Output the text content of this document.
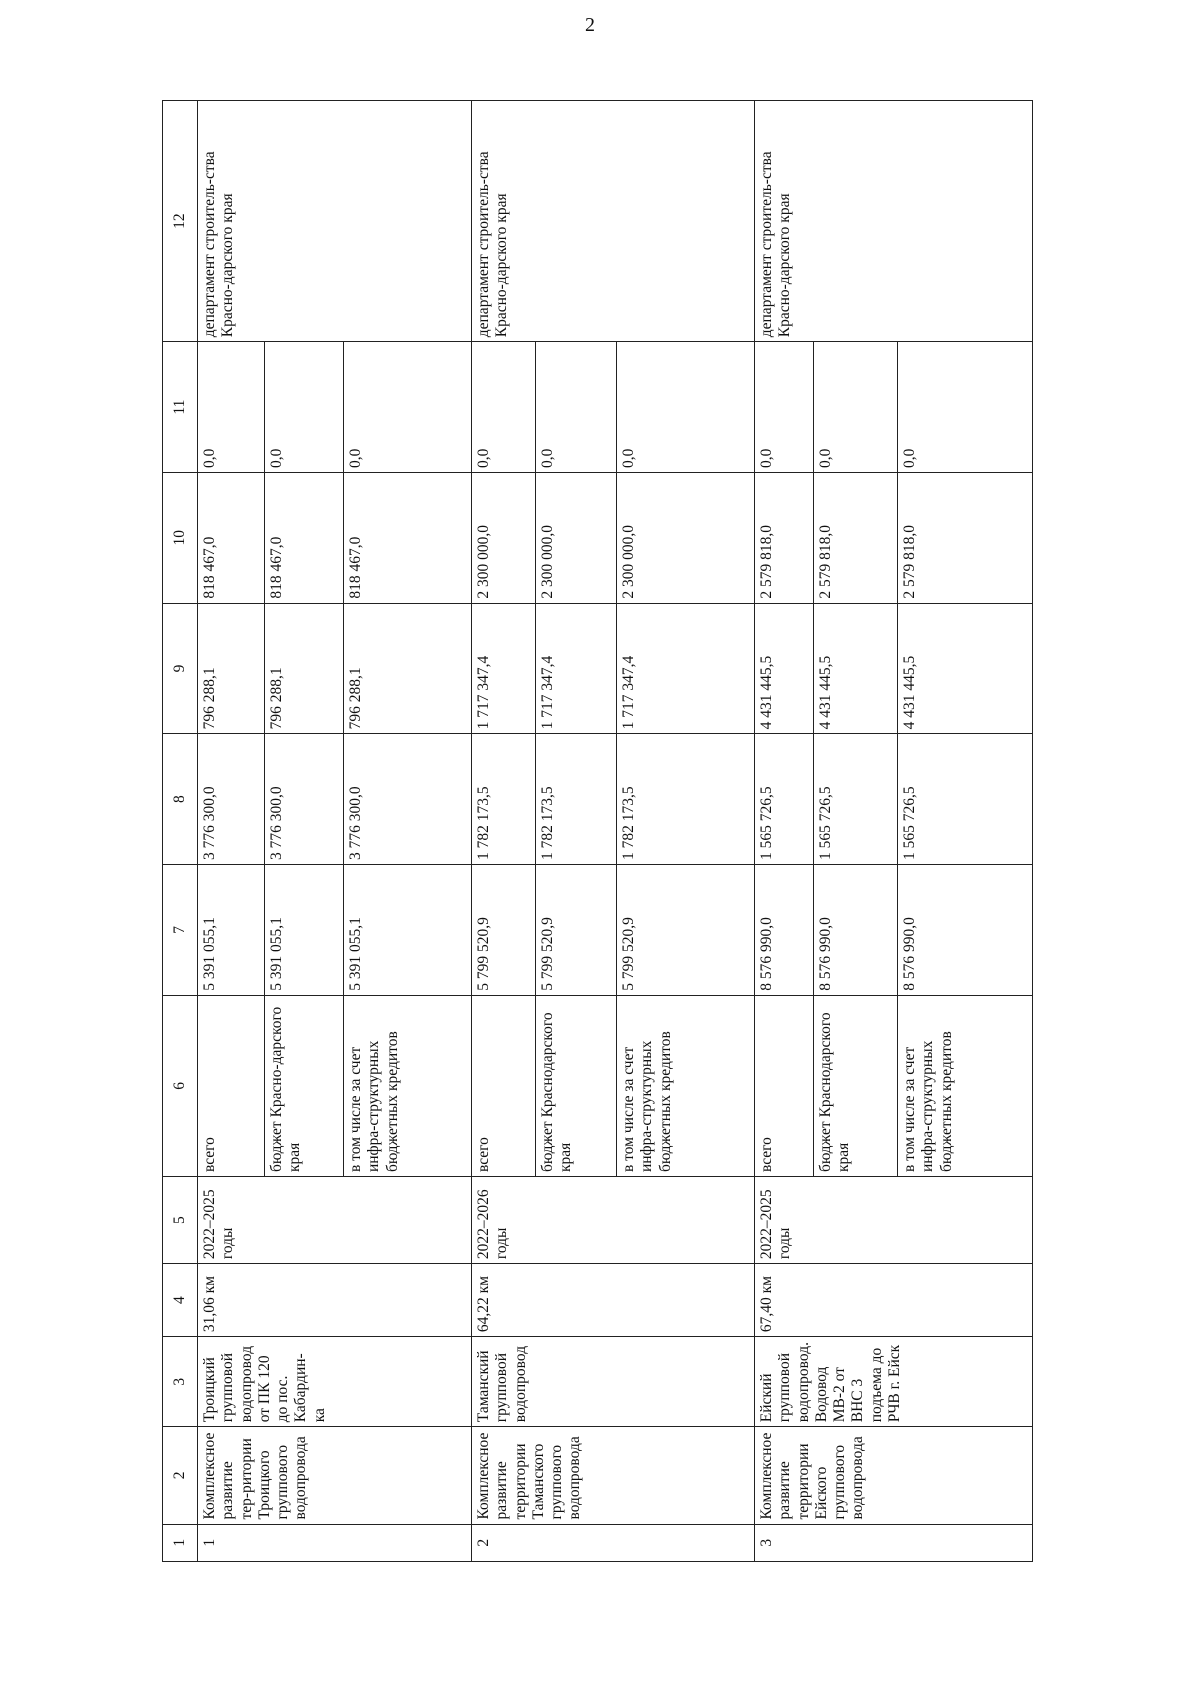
2
1	2	3	4	5	6	7	8	9	10	11	12
1	Комплексное развитие тер-ритории Троицкого группового водопровода	Троицкий групповой водопровод от ПК 120 до пос. Кабардин-ка	31,06 км	2022–2025 годы	всего	5 391 055,1	3 776 300,0	796 288,1	818 467,0	0,0	департамент строитель-ства Красно-дарского края
					бюджет Красно-дарского края	5 391 055,1	3 776 300,0	796 288,1	818 467,0	0,0	
					в том числе за счет инфра-структурных бюджетных кредитов	5 391 055,1	3 776 300,0	796 288,1	818 467,0	0,0	
2	Комплексное развитие территории Таманского группового водопровода	Таманский групповой водопровод	64,22 км	2022–2026 годы	всего	5 799 520,9	1 782 173,5	1 717 347,4	2 300 000,0	0,0	департамент строитель-ства Красно-дарского края
					бюджет Краснодарского края	5 799 520,9	1 782 173,5	1 717 347,4	2 300 000,0	0,0	
					в том числе за счет инфра-структурных бюджетных кредитов	5 799 520,9	1 782 173,5	1 717 347,4	2 300 000,0	0,0	
3	Комплексное развитие территории Ейского группового водопровода	Ейский групповой водопровод. Водовод МВ-2 от ВНС 3 подъема до РЧВ г. Ейск	67,40 км	2022–2025 годы	всего	8 576 990,0	1 565 726,5	4 431 445,5	2 579 818,0	0,0	департамент строитель-ства Красно-дарского края
					бюджет Краснодарского края	8 576 990,0	1 565 726,5	4 431 445,5	2 579 818,0	0,0	
					в том числе за счет инфра-структурных бюджетных кредитов	8 576 990,0	1 565 726,5	4 431 445,5	2 579 818,0	0,0	
